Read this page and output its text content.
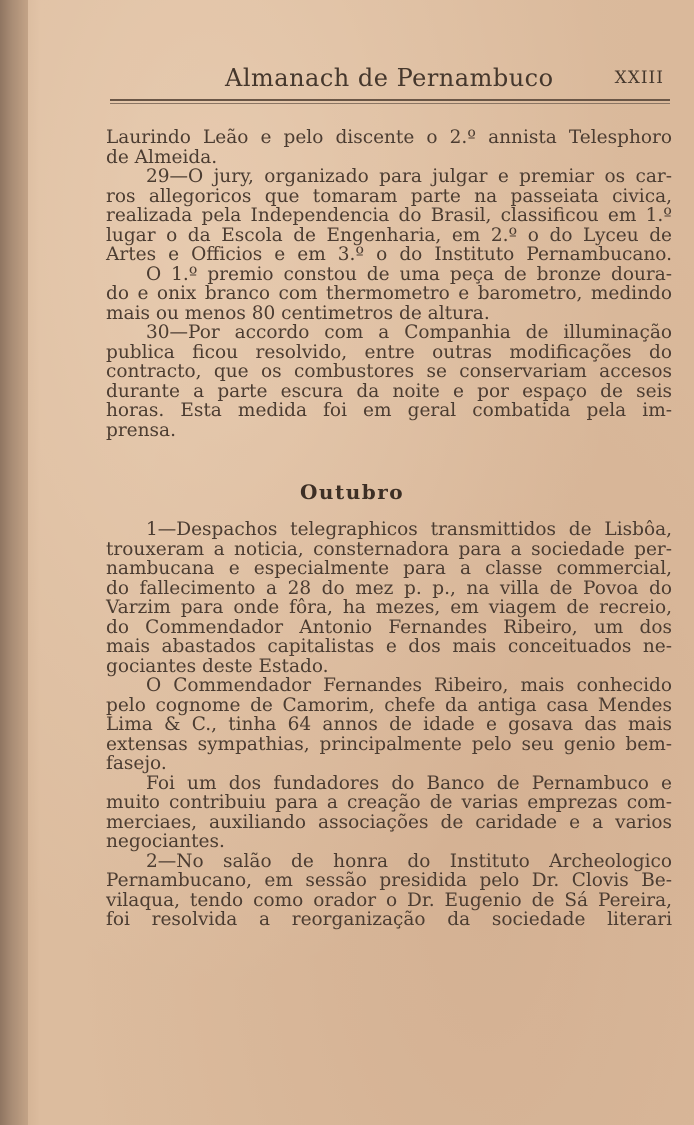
Almanach de Pernambuco	XXIII
Laurindo Leão e pelo discente o 2.º annista Telesphoro
de Almeida.
29—O jury, organizado para julgar e premiar os car-
ros allegoricos que tomaram parte na passeiata civica,
realizada pela Independencia do Brasil, classificou em 1.º
lugar o da Escola de Engenharia, em 2.º o do Lyceu de
Artes e Officios e em 3.º o do Instituto Pernambucano.
O 1.º premio constou de uma peça de bronze doura-
do e onix branco com thermometro e barometro, medindo
mais ou menos 80 centimetros de altura.
30—Por accordo com a Companhia de illuminação
publica ficou resolvido, entre outras modificações do
contracto, que os combustores se conservariam accesos
durante a parte escura da noite e por espaço de seis
horas. Esta medida foi em geral combatida pela im-
prensa.
Outubro
1—Despachos telegraphicos transmittidos de Lisbôa,
trouxeram a noticia, consternadora para a sociedade per-
nambucana e especialmente para a classe commercial,
do fallecimento a 28 do mez p. p., na villa de Povoa do
Varzim para onde fôra, ha mezes, em viagem de recreio,
do Commendador Antonio Fernandes Ribeiro, um dos
mais abastados capitalistas e dos mais conceituados ne-
gociantes deste Estado.
O Commendador Fernandes Ribeiro, mais conhecido
pelo cognome de Camorim, chefe da antiga casa Mendes
Lima & C., tinha 64 annos de idade e gosava das mais
extensas sympathias, principalmente pelo seu genio bem-
fasejo.
Foi um dos fundadores do Banco de Pernambuco e
muito contribuiu para a creação de varias emprezas com-
merciaes, auxiliando associações de caridade e a varios
negociantes.
2—No salão de honra do Instituto Archeologico
Pernambucano, em sessão presidida pelo Dr. Clovis Be-
vilaqua, tendo como orador o Dr. Eugenio de Sá Pereira,
foi resolvida a reorganização da sociedade literari
